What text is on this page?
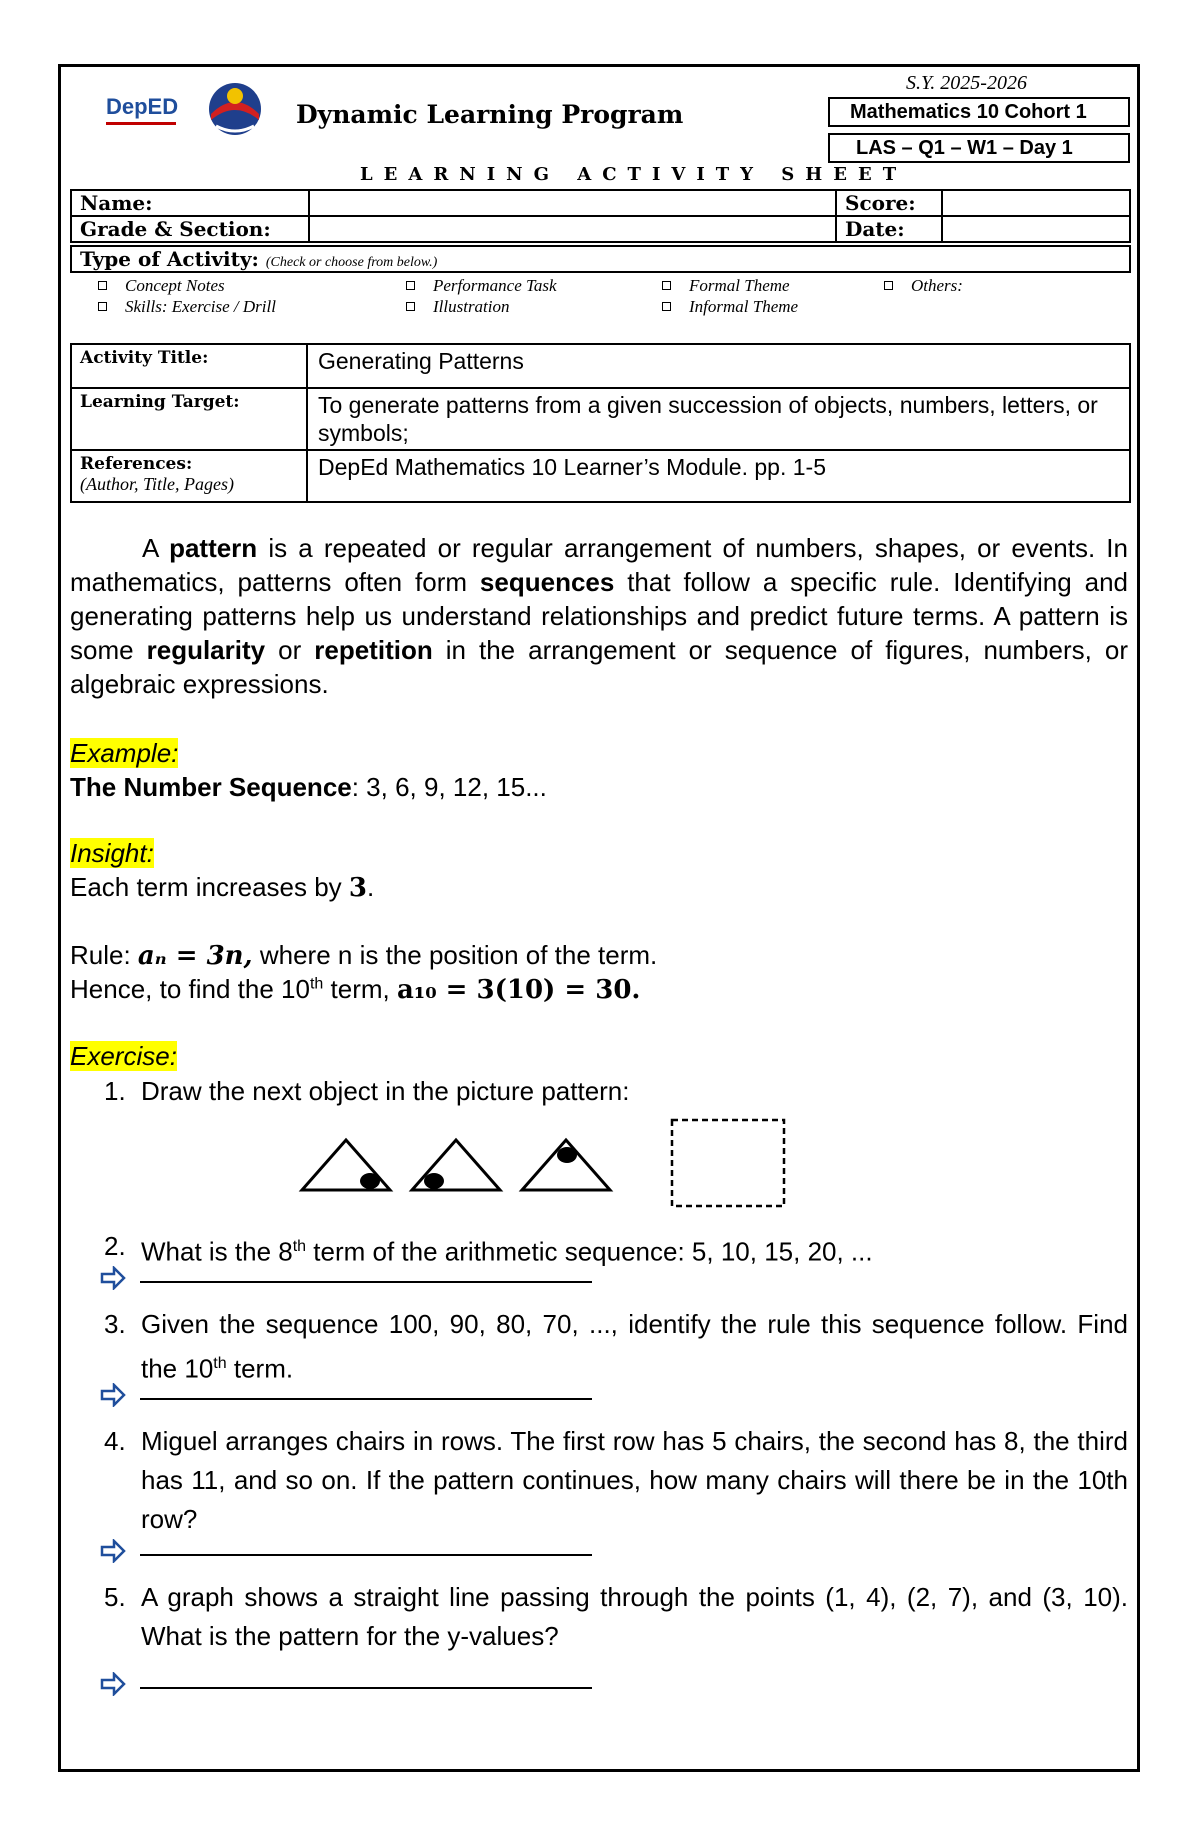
DepED	Dynamic Learning Program
S.Y. 2025-2026
Mathematics 10 Cohort 1
LAS – Q1 – W1 – Day 1
LEARNING ACTIVITY SHEET
Name:		Score:	
Grade & Section:		Date:	
Type of Activity: (Check or choose from below.)
Concept Notes	Performance Task	Formal Theme	Others:
Skills: Exercise / Drill	Illustration	Informal Theme
Activity Title:	Generating Patterns
Learning Target:	To generate patterns from a given succession of objects, numbers, letters, or symbols;
References:
(Author, Title, Pages)	DepEd Mathematics 10 Learner’s Module. pp. 1-5
A pattern is a repeated or regular arrangement of numbers, shapes, or events. In mathematics, patterns often form sequences that follow a specific rule. Identifying and generating patterns help us understand relationships and predict future terms. A pattern is some regularity or repetition in the arrangement or sequence of figures, numbers, or algebraic expressions.
Example:
The Number Sequence: 3, 6, 9, 12, 15...
Insight:
Each term increases by 3.
Rule: aₙ = 3n, where n is the position of the term.
Hence, to find the 10th term, a₁₀ = 3(10) = 30.
Exercise:
1. Draw the next object in the picture pattern:
2. What is the 8th term of the arithmetic sequence: 5, 10, 15, 20, ...
3. Given the sequence 100, 90, 80, 70, ..., identify the rule this sequence follow. Find the 10th term.
4. Miguel arranges chairs in rows. The first row has 5 chairs, the second has 8, the third has 11, and so on. If the pattern continues, how many chairs will there be in the 10th row?
5. A graph shows a straight line passing through the points (1, 4), (2, 7), and (3, 10). What is the pattern for the y-values?
